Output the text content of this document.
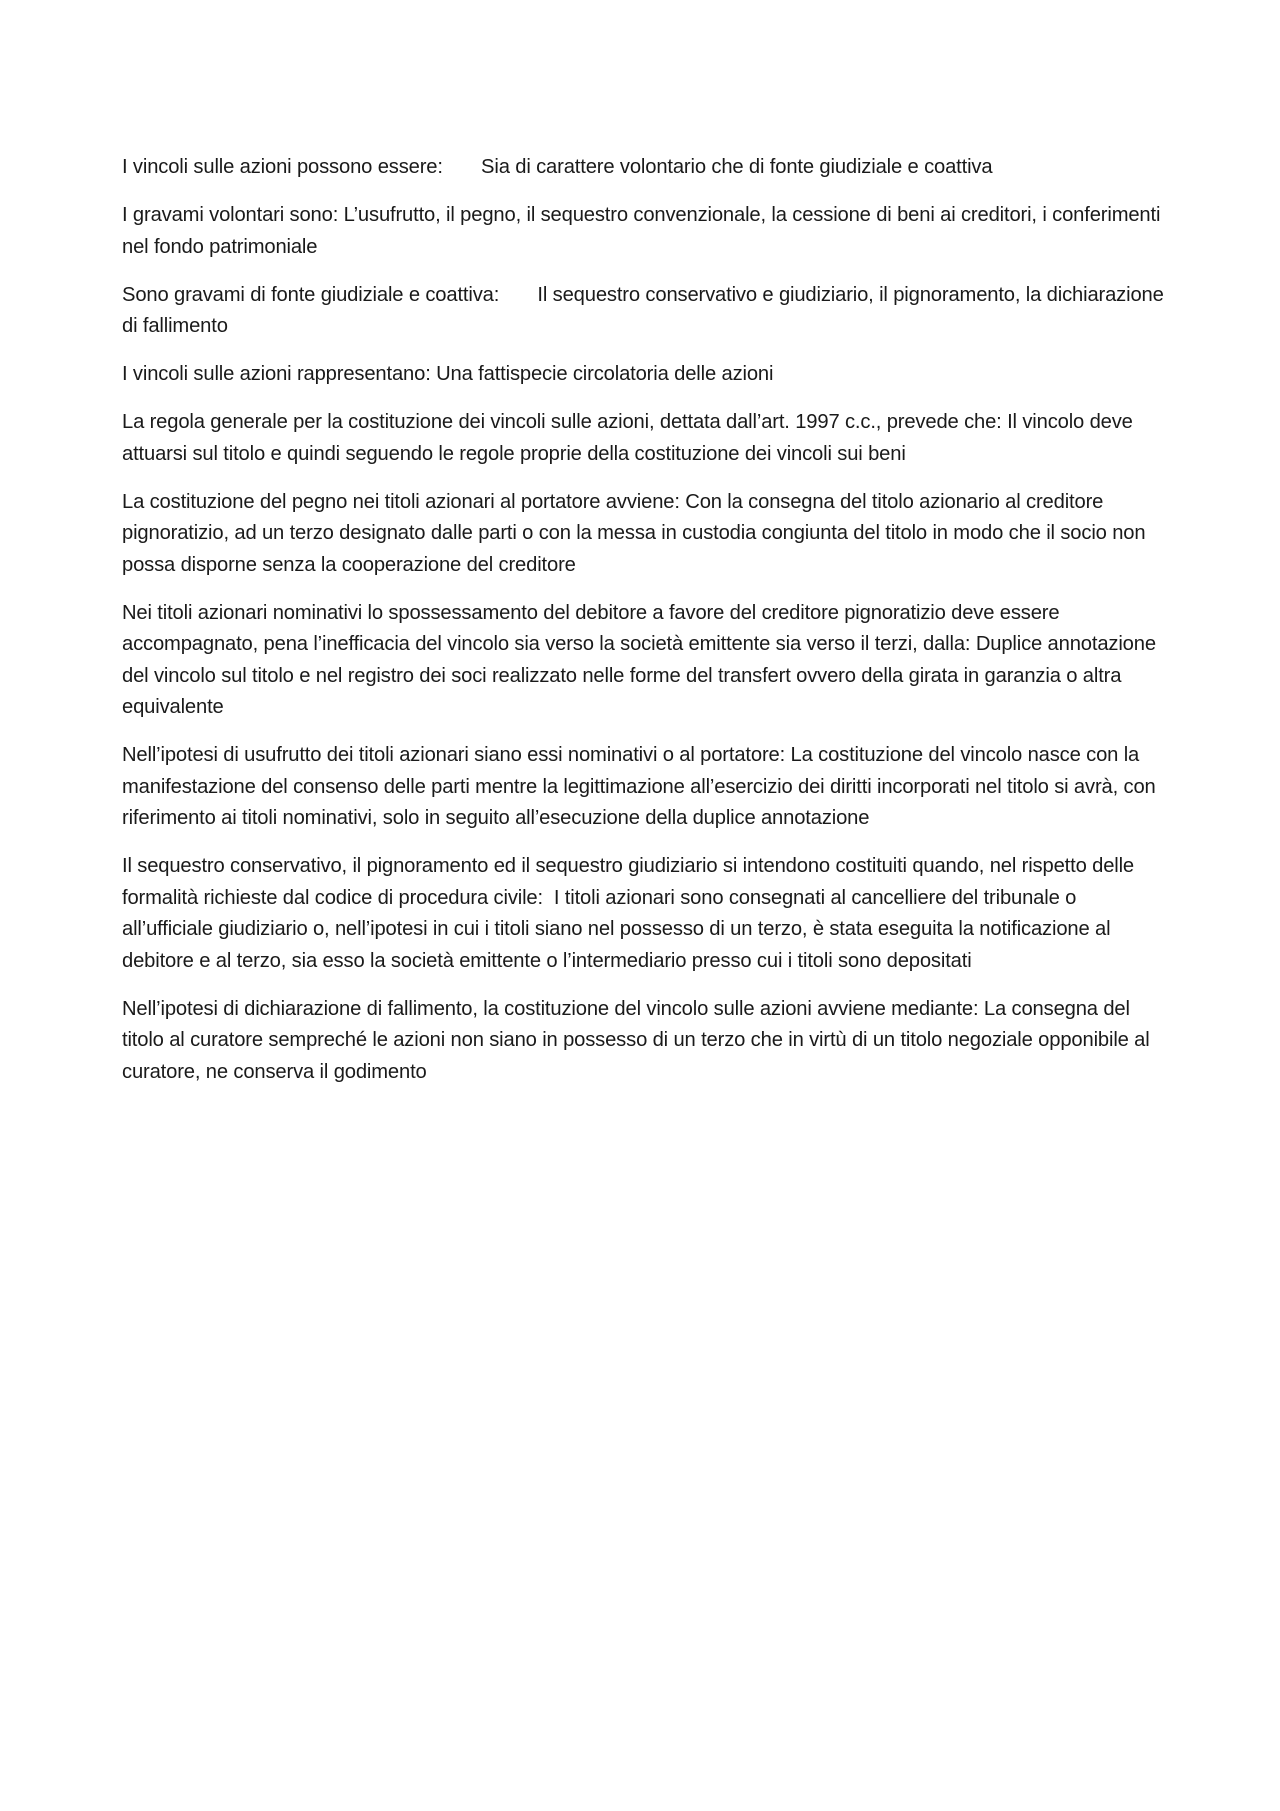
I vincoli sulle azioni possono essere:       Sia di carattere volontario che di fonte giudiziale e coattiva

I gravami volontari sono: L’usufrutto, il pegno, il sequestro convenzionale, la cessione di beni ai creditori, i conferimenti nel fondo patrimoniale

Sono gravami di fonte giudiziale e coattiva:       Il sequestro conservativo e giudiziario, il pignoramento, la dichiarazione di fallimento

I vincoli sulle azioni rappresentano: Una fattispecie circolatoria delle azioni

La regola generale per la costituzione dei vincoli sulle azioni, dettata dall’art. 1997 c.c., prevede che: Il vincolo deve attuarsi sul titolo e quindi seguendo le regole proprie della costituzione dei vincoli sui beni

La costituzione del pegno nei titoli azionari al portatore avviene: Con la consegna del titolo azionario al creditore pignoratizio, ad un terzo designato dalle parti o con la messa in custodia congiunta del titolo in modo che il socio non possa disporne senza la cooperazione del creditore

Nei titoli azionari nominativi lo spossessamento del debitore a favore del creditore pignoratizio deve essere accompagnato, pena l’inefficacia del vincolo sia verso la società emittente sia verso il terzi, dalla: Duplice annotazione del vincolo sul titolo e nel registro dei soci realizzato nelle forme del transfert ovvero della girata in garanzia o altra equivalente

Nell’ipotesi di usufrutto dei titoli azionari siano essi nominativi o al portatore: La costituzione del vincolo nasce con la manifestazione del consenso delle parti mentre la legittimazione all’esercizio dei diritti incorporati nel titolo si avrà, con riferimento ai titoli nominativi, solo in seguito all’esecuzione della duplice annotazione

Il sequestro conservativo, il pignoramento ed il sequestro giudiziario si intendono costituiti quando, nel rispetto delle formalità richieste dal codice di procedura civile:  I titoli azionari sono consegnati al cancelliere del tribunale o all’ufficiale giudiziario o, nell’ipotesi in cui i titoli siano nel possesso di un terzo, è stata eseguita la notificazione al debitore e al terzo, sia esso la società emittente o l’intermediario presso cui i titoli sono depositati

Nell’ipotesi di dichiarazione di fallimento, la costituzione del vincolo sulle azioni avviene mediante: La consegna del titolo al curatore sempreché le azioni non siano in possesso di un terzo che in virtù di un titolo negoziale opponibile al curatore, ne conserva il godimento
